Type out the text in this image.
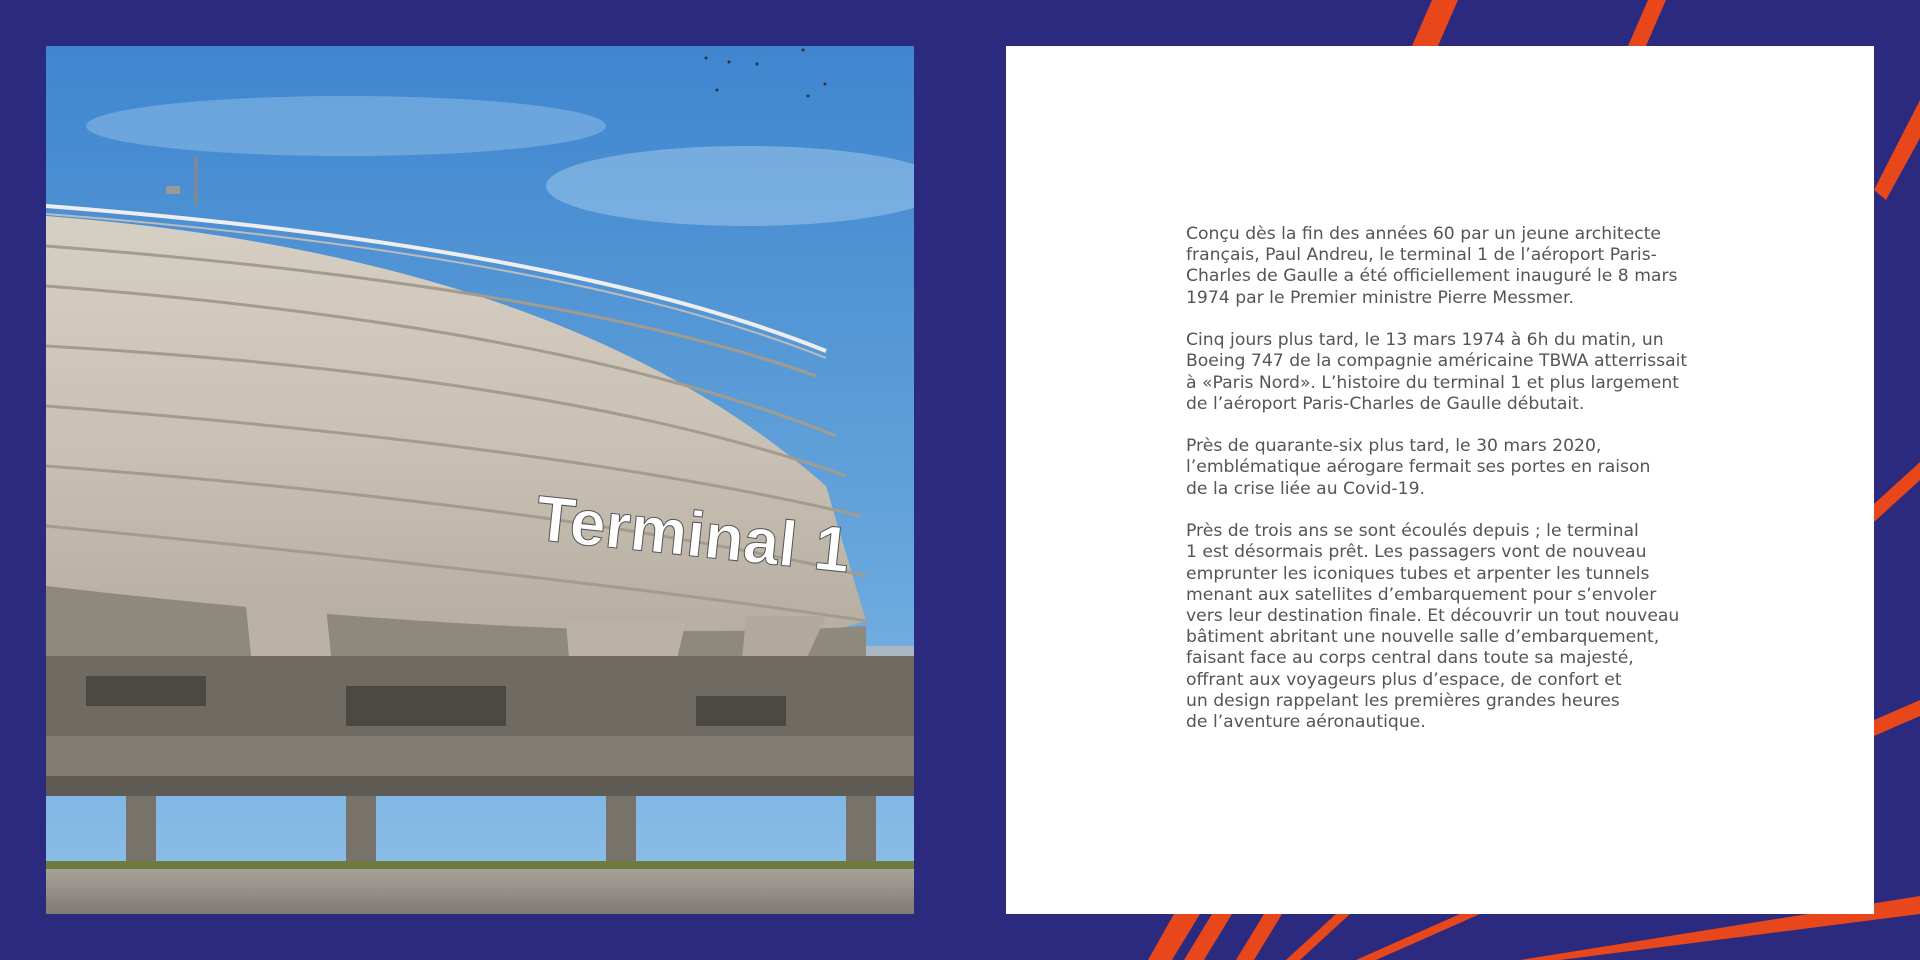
Terminal 1

Conçu dès la fin des années 60 par un jeune architecte
français, Paul Andreu, le terminal 1 de l’aéroport Paris-
Charles de Gaulle a été officiellement inauguré le 8 mars
1974 par le Premier ministre Pierre Messmer.

Cinq jours plus tard, le 13 mars 1974 à 6h du matin, un
Boeing 747 de la compagnie américaine TBWA atterrissait
à «Paris Nord». L’histoire du terminal 1 et plus largement
de l’aéroport Paris-Charles de Gaulle débutait.

Près de quarante-six plus tard, le 30 mars 2020,
l’emblématique aérogare fermait ses portes en raison
de la crise liée au Covid-19.

Près de trois ans se sont écoulés depuis ; le terminal
1 est désormais prêt. Les passagers vont de nouveau
emprunter les iconiques tubes et arpenter les tunnels
menant aux satellites d’embarquement pour s’envoler
vers leur destination finale. Et découvrir un tout nouveau
bâtiment abritant une nouvelle salle d’embarquement,
faisant face au corps central dans toute sa majesté,
offrant aux voyageurs plus d’espace, de confort et
un design rappelant les premières grandes heures
de l’aventure aéronautique.
